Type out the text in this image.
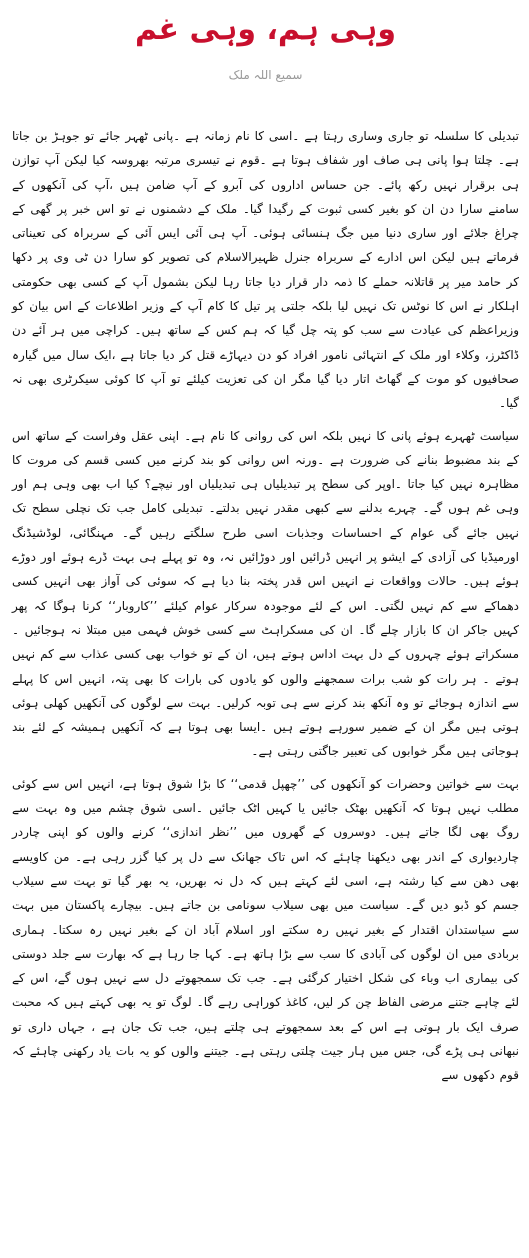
وہی ہم، وہی غم
سمیع اللہ ملک

تبدیلی کا سلسلہ تو جاری وساری رہتا ہے ۔اسی کا نام زمانہ ہے ۔پانی ٹھہر جائے تو جوہڑ بن جاتا ہے۔ چلتا ہوا پانی ہی صاف اور شفاف ہوتا ہے ۔قوم نے تیسری مرتبہ بھروسہ کیا لیکن آپ توازن ہی برقرار نہیں رکھ پائے۔ جن حساس اداروں کی آبرو کے آپ ضامن ہیں ،آپ کی آنکھوں کے سامنے سارا دن ان کو بغیر کسی ثبوت کے رگیدا گیا۔ ملک کے دشمنوں نے تو اس خبر پر گھی کے چراغ جلائے اور ساری دنیا میں جگ ہنسائی ہوئی۔ آپ ہی آئی ایس آئی کے سربراہ کی تعیناتی فرماتے ہیں لیکن اس ادارے کے سربراہ جنرل ظہیرالاسلام کی تصویر کو سارا دن ٹی وی پر دکھا کر حامد میر پر قاتلانہ حملے کا ذمہ دار قرار دیا جاتا رہا لیکن بشمول آپ کے کسی بھی حکومتی اہلکار نے اس کا نوٹس تک نہیں لیا بلکہ جلتی پر تیل کا کام آپ کے وزیر اطلاعات کے اس بیان کو وزیراعظم کی عیادت سے سب کو پتہ چل گیا کہ ہم کس کے ساتھ ہیں۔ کراچی میں ہر آئے دن ڈاکٹرز، وکلاء اور ملک کے انتہائی نامور افراد کو دن دیہاڑے قتل کر دیا جاتا ہے ،ایک سال میں گیارہ صحافیوں کو موت کے گھاٹ اتار دیا گیا مگر ان کی تعزیت کیلئے تو آپ کا کوئی سیکرٹری بھی نہ گیا۔

سیاست ٹھہرے ہوئے پانی کا نہیں بلکہ اس کی روانی کا نام ہے۔ اپنی عقل وفراست کے ساتھ اس کے بند مضبوط بنانے کی ضرورت ہے ۔ورنہ اس روانی کو بند کرنے میں کسی قسم کی مروت کا مظاہرہ نہیں کیا جاتا ۔اوپر کی سطح پر تبدیلیاں ہی تبدیلیاں اور نیچے؟ کیا اب بھی وہی ہم اور وہی غم ہوں گے۔ چہرے بدلنے سے کبھی مقدر نہیں بدلتے۔ تبدیلی کامل جب تک نچلی سطح تک نہیں جائے گی عوام کے احساسات وجذبات اسی طرح سلگتے رہیں گے۔ مہنگائی، لوڈشیڈنگ اورمیڈیا کی آزادی کے ایشو پر انہیں ڈرائیں اور دوڑائیں نہ، وہ تو پہلے ہی بہت ڈرے ہوئے اور دوڑے ہوئے ہیں۔ حالات وواقعات نے انہیں اس قدر پختہ بنا دیا ہے کہ سوئی کی آواز بھی انہیں کسی دھماکے سے کم نہیں لگتی۔ اس کے لئے موجودہ سرکار عوام کیلئے ’’کاروبار‘‘ کرنا ہوگا کہ پھر کہیں جاکر ان کا بازار چلے گا۔ ان کی مسکراہٹ سے کسی خوش فہمی میں مبتلا نہ ہوجائیں ۔مسکراتے ہوئے چہروں کے دل بہت اداس ہوتے ہیں، ان کے تو خواب بھی کسی عذاب سے کم نہیں ہوتے ۔ ہر رات کو شب برات سمجھنے والوں کو یادوں کی بارات کا بھی پتہ، انہیں اس کا پہلے سے اندازہ ہوجائے تو وہ آنکھ بند کرنے سے ہی توبہ کرلیں۔ بہت سے لوگوں کی آنکھیں کھلی ہوئی ہوتی ہیں مگر ان کے ضمیر سورہے ہوتے ہیں ۔ایسا بھی ہوتا ہے کہ آنکھیں ہمیشہ کے لئے بند ہوجاتی ہیں مگر خوابوں کی تعبیر جاگتی رہتی ہے۔

بہت سے خواتین وحضرات کو آنکھوں کی ’’چھپل قدمی‘‘ کا بڑا شوق ہوتا ہے، انہیں اس سے کوئی مطلب نہیں ہوتا کہ آنکھیں بھٹک جائیں یا کہیں اٹک جائیں ۔اسی شوق چشم میں وہ بہت سے روگ بھی لگا جاتے ہیں۔ دوسروں کے گھروں میں ’’نظر اندازی‘‘ کرنے والوں کو اپنی چاردر چاردیواری کے اندر بھی دیکھنا چاہئے کہ اس تاک جھانک سے دل پر کیا گزر رہی ہے۔ من کاویسے بھی دھن سے کیا رشتہ ہے، اسی لئے کہتے ہیں کہ دل نہ بھریں، یہ بھر گیا تو بہت سے سیلاب جسم کو ڈبو دیں گے۔ سیاست میں بھی سیلاب سونامی بن جاتے ہیں۔ بیچارے پاکستان میں بہت سے سیاستدان اقتدار کے بغیر نہیں رہ سکتے اور اسلام آباد ان کے بغیر نہیں رہ سکتا۔ ہماری بربادی میں ان لوگوں کی آبادی کا سب سے بڑا ہاتھ ہے۔ کہا جا رہا ہے کہ بھارت سے جلد دوستی کی بیماری اب وباء کی شکل اختیار کرگئی ہے۔ جب تک سمجھوتے دل سے نہیں ہوں گے، اس کے لئے چاہے جتنے مرضی الفاظ چن کر لیں، کاغذ کوراہی رہے گا۔ لوگ تو یہ بھی کہتے ہیں کہ محبت صرف ایک بار ہوتی ہے اس کے بعد سمجھوتے ہی چلتے ہیں، جب تک جان ہے ، جہاں داری تو نبھانی ہی پڑے گی، جس میں ہار جیت چلتی رہتی ہے۔ جیتنے والوں کو یہ بات یاد رکھنی چاہئے کہ قوم دکھوں سے
